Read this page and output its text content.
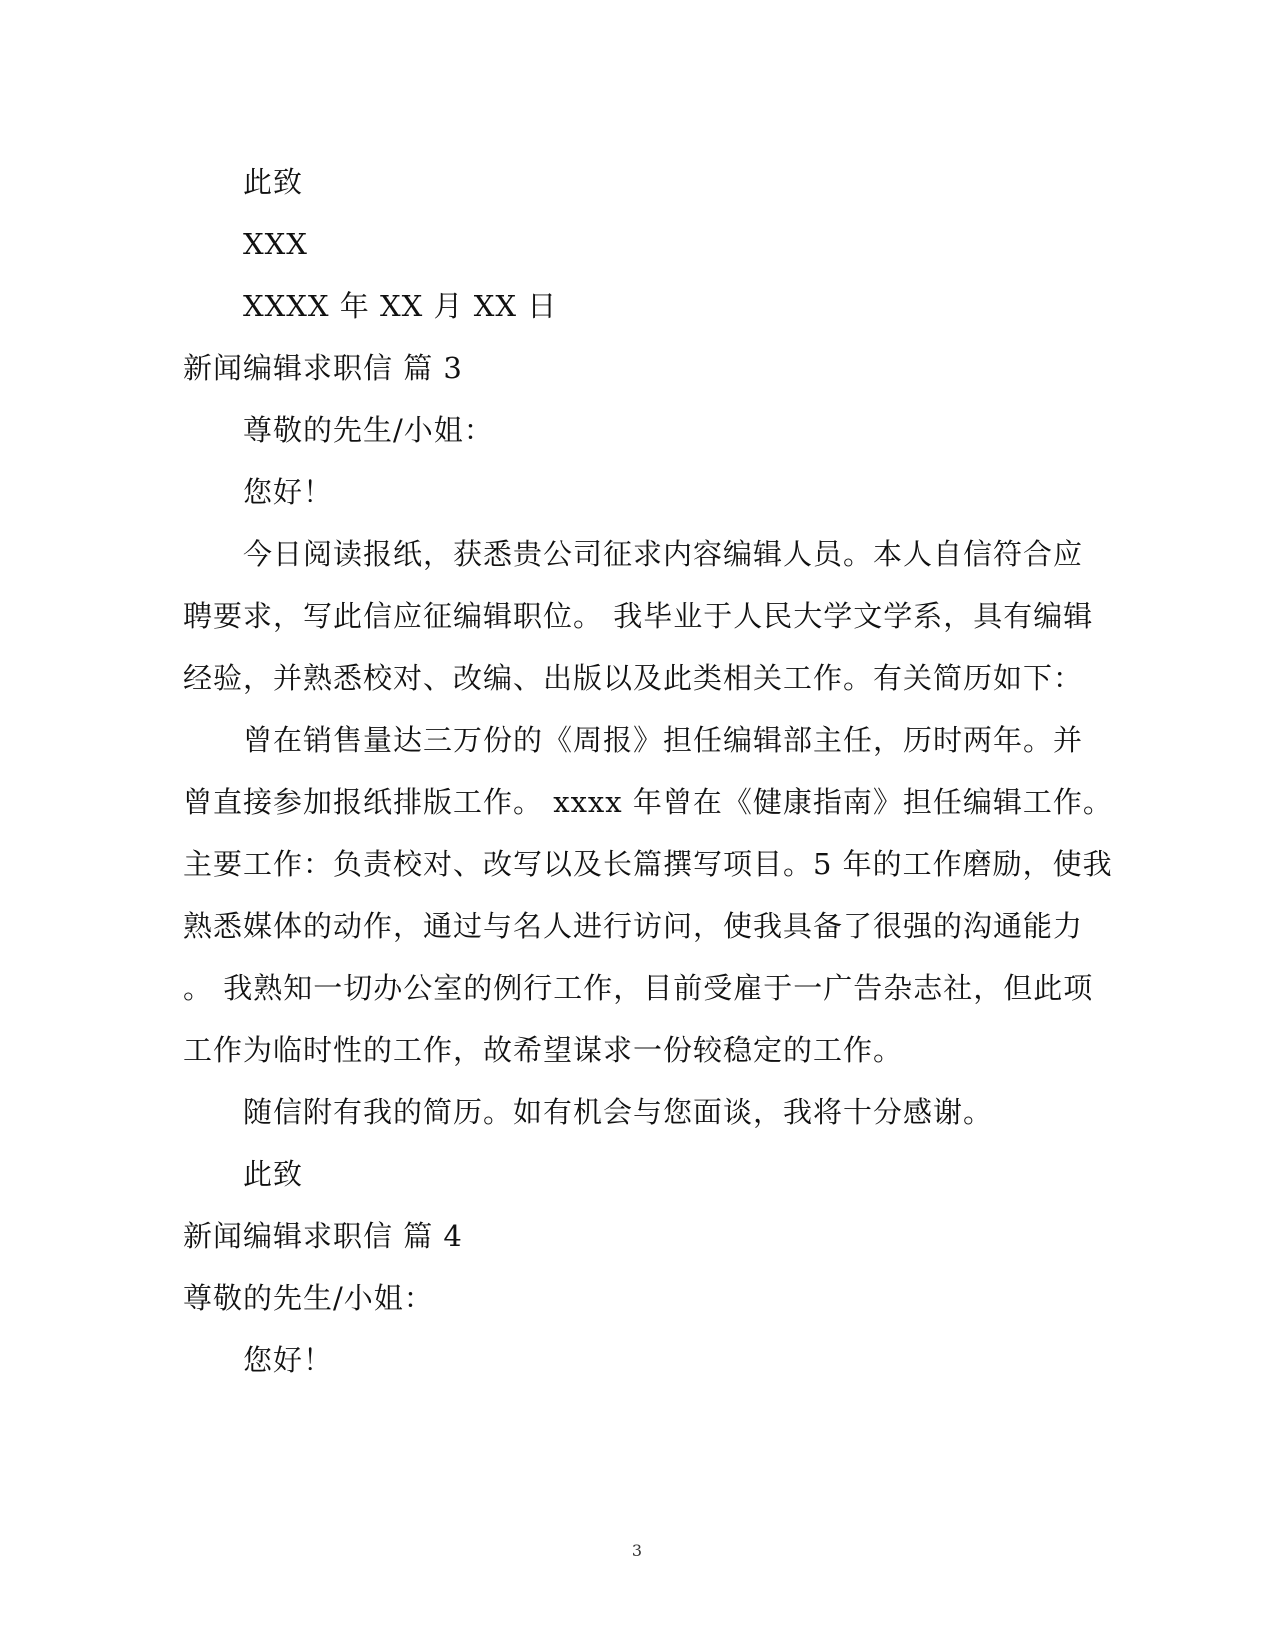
此致
XXX
XXXX 年 XX 月 XX 日
新闻编辑求职信 篇 3
尊敬的先生/小姐：
您好！
今日阅读报纸，获悉贵公司征求内容编辑人员。本人自信符合应
聘要求，写此信应征编辑职位。 我毕业于人民大学文学系，具有编辑
经验，并熟悉校对、改编、出版以及此类相关工作。有关简历如下：
曾在销售量达三万份的《周报》担任编辑部主任，历时两年。并
曾直接参加报纸排版工作。 xxxx 年曾在《健康指南》担任编辑工作。
主要工作：负责校对、改写以及长篇撰写项目。5 年的工作磨励，使我
熟悉媒体的动作，通过与名人进行访问，使我具备了很强的沟通能力
。 我熟知一切办公室的例行工作，目前受雇于一广告杂志社，但此项
工作为临时性的工作，故希望谋求一份较稳定的工作。
随信附有我的简历。如有机会与您面谈，我将十分感谢。
此致
新闻编辑求职信 篇 4
尊敬的先生/小姐：
您好！
3
